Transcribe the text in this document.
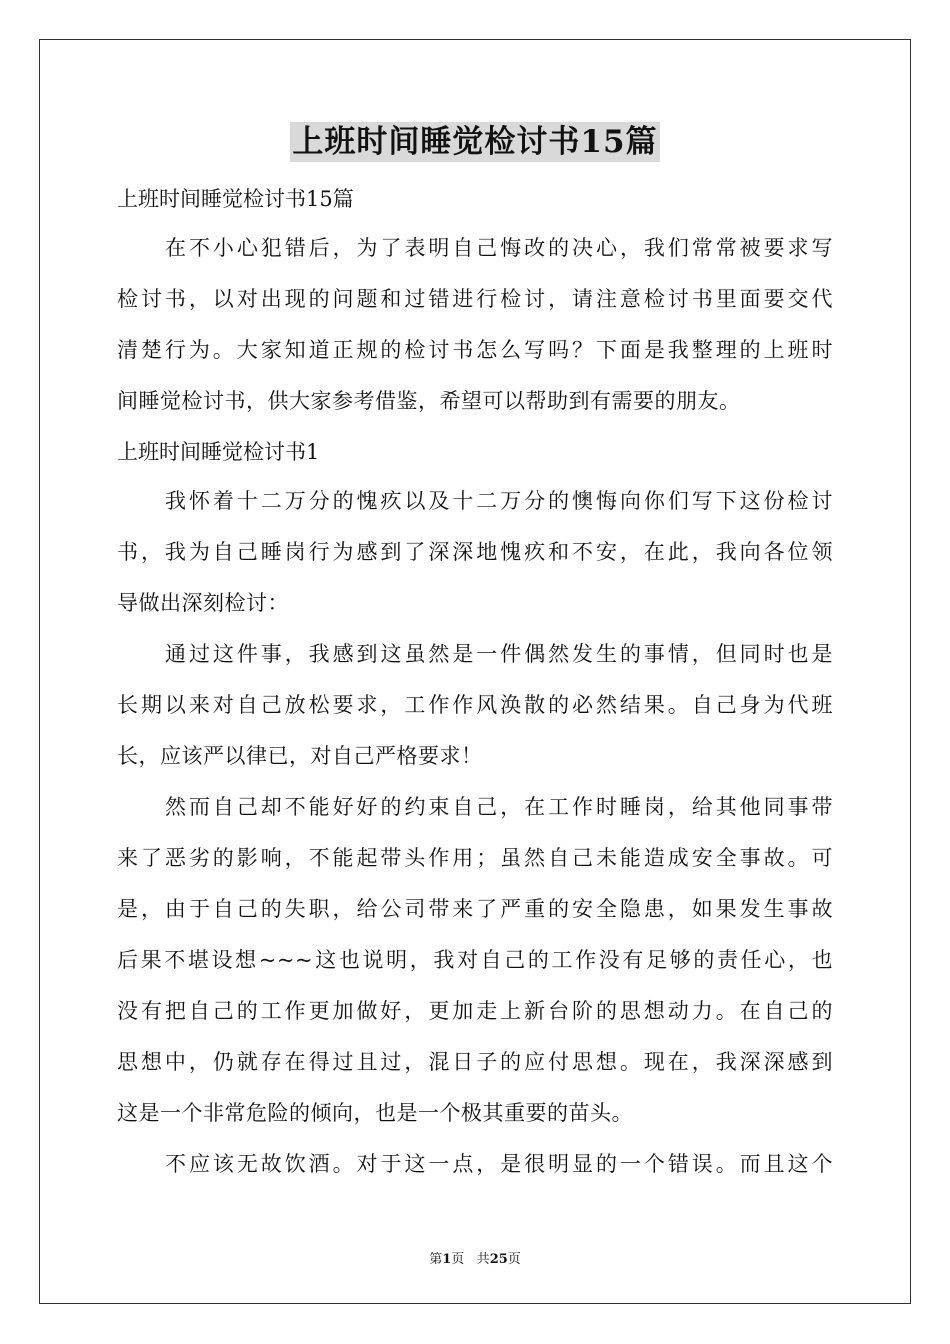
上班时间睡觉检讨书15篇

上班时间睡觉检讨书15篇

在不小心犯错后，为了表明自己悔改的决心，我们常常被要求写

检讨书，以对出现的问题和过错进行检讨，请注意检讨书里面要交代

清楚行为。大家知道正规的检讨书怎么写吗？下面是我整理的上班时

间睡觉检讨书，供大家参考借鉴，希望可以帮助到有需要的朋友。

上班时间睡觉检讨书1

我怀着十二万分的愧疚以及十二万分的懊悔向你们写下这份检讨

书，我为自己睡岗行为感到了深深地愧疚和不安，在此，我向各位领

导做出深刻检讨：

通过这件事，我感到这虽然是一件偶然发生的事情，但同时也是

长期以来对自己放松要求，工作作风涣散的必然结果。自己身为代班

长，应该严以律已，对自己严格要求！

然而自己却不能好好的约束自己，在工作时睡岗，给其他同事带

来了恶劣的影响，不能起带头作用；虽然自己未能造成安全事故。可

是，由于自己的失职，给公司带来了严重的安全隐患，如果发生事故

后果不堪设想~~~这也说明，我对自己的工作没有足够的责任心，也

没有把自己的工作更加做好，更加走上新台阶的思想动力。在自己的

思想中，仍就存在得过且过，混日子的应付思想。现在，我深深感到

这是一个非常危险的倾向，也是一个极其重要的苗头。

不应该无故饮酒。对于这一点，是很明显的一个错误。而且这个

第1页 共25页
